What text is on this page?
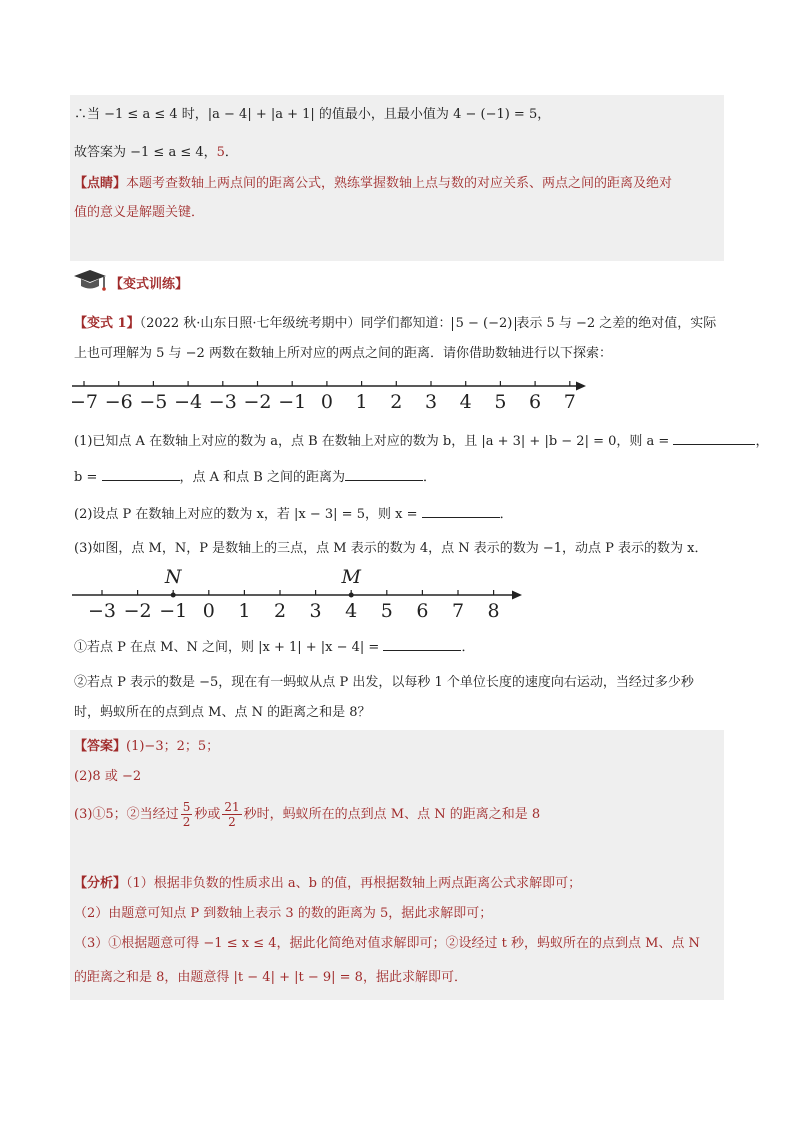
∴当 −1 ≤ a ≤ 4 时，|a − 4| + |a + 1| 的值最小，且最小值为 4 − (−1) = 5，
故答案为 −1 ≤ a ≤ 4，5．
【点睛】本题考查数轴上两点间的距离公式，熟练掌握数轴上点与数的对应关系、两点之间的距离及绝对
值的意义是解题关键．
【变式训练】
【变式 1】（2022 秋·山东日照·七年级统考期中）同学们都知道： 5 − (−2) 表示 5 与 −2 之差的绝对值，实际
上也可理解为 5 与 −2 两数在数轴上所对应的两点之间的距离．请你借助数轴进行以下探索：
−7 −6 −5 −4 −3 −2 −1 0 1 2 3 4 5 6 7
(1)已知点 A 在数轴上对应的数为 a，点 B 在数轴上对应的数为 b，且 |a + 3| + |b − 2| = 0，则 a =	，
b =	，点 A 和点 B 之间的距离为	．
(2)设点 P 在数轴上对应的数为 x，若 |x − 3| = 5，则 x =	．
(3)如图，点 M，N，P 是数轴上的三点，点 M 表示的数为 4，点 N 表示的数为 −1，动点 P 表示的数为 x．
−3 −2 −1 0 1 2 3 4 5 6 7 8
N	M
①若点 P 在点 M、N 之间，则 |x + 1| + |x − 4| =	．
②若点 P 表示的数是 −5，现在有一蚂蚁从点 P 出发，以每秒 1 个单位长度的速度向右运动，当经过多少秒
时，蚂蚁所在的点到点 M、点 N 的距离之和是 8？
【答案】(1)−3；2；5；
(2)8 或 −2
(3)①5；②当经过 $\frac{5}{2}$ 秒或 $\frac{21}{2}$ 秒时，蚂蚁所在的点到点 M、点 N 的距离之和是 8
【分析】（1）根据非负数的性质求出 a、b 的值，再根据数轴上两点距离公式求解即可；
（2）由题意可知点 P 到数轴上表示 3 的数的距离为 5，据此求解即可；
（3）①根据题意可得 −1 ≤ x ≤ 4，据此化简绝对值求解即可；②设经过 t 秒，蚂蚁所在的点到点 M、点 N
的距离之和是 8，由题意得 |t − 4| + |t − 9| = 8，据此求解即可．
